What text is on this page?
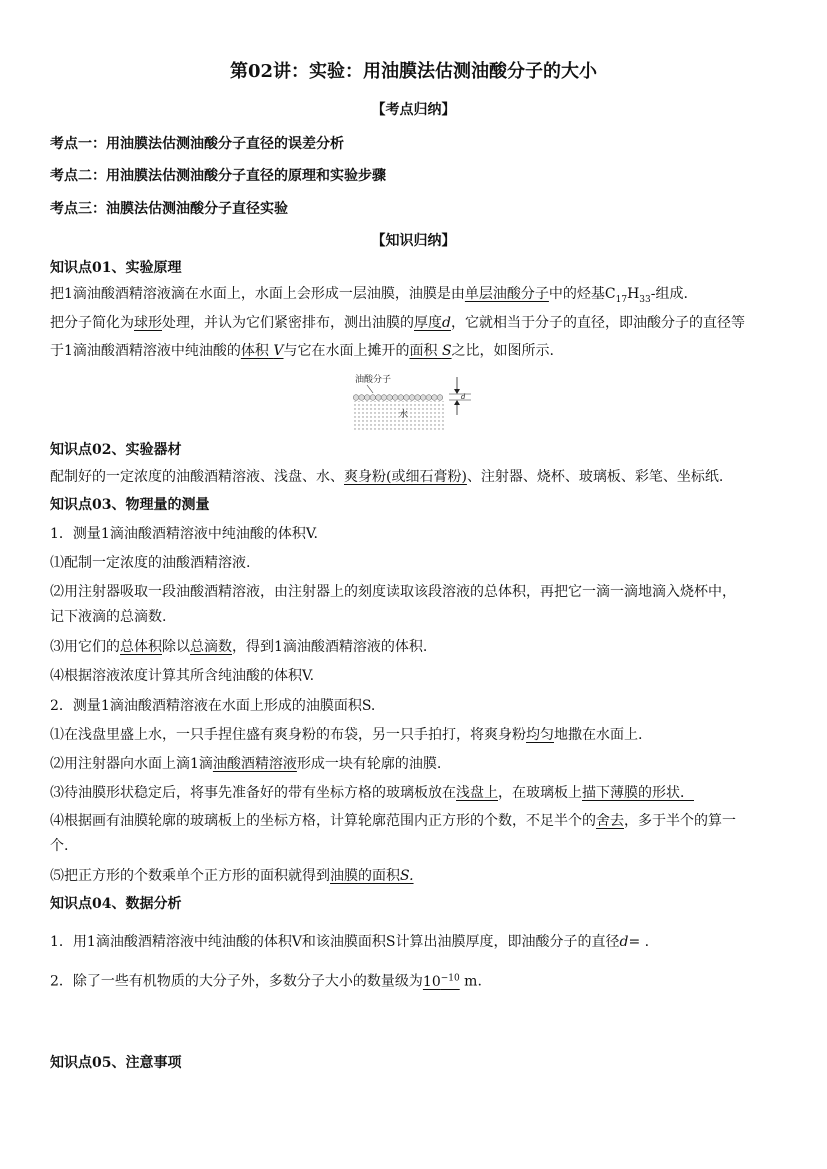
第02讲：实验：用油膜法估测油酸分子的大小
【考点归纳】
考点一：用油膜法估测油酸分子直径的误差分析
考点二：用油膜法估测油酸分子直径的原理和实验步骤
考点三：油膜法估测油酸分子直径实验
【知识归纳】
知识点01、实验原理
把1滴油酸酒精溶液滴在水面上，水面上会形成一层油膜，油膜是由单层油酸分子中的烃基$C_{17}H_{33}-$组成.
把分子简化为球形处理，并认为它们紧密排布，测出油膜的厚度d，它就相当于分子的直径，即油酸分子的直径等
于1滴油酸酒精溶液中纯油酸的体积 V与它在水面上摊开的面积 S之比，如图所示.
油酸分子
水
d
知识点02、实验器材
配制好的一定浓度的油酸酒精溶液、浅盘、水、爽身粉(或细石膏粉)、注射器、烧杯、玻璃板、彩笔、坐标纸.
知识点03、物理量的测量
1．测量1滴油酸酒精溶液中纯油酸的体积V.
⑴配制一定浓度的油酸酒精溶液.
⑵用注射器吸取一段油酸酒精溶液，由注射器上的刻度读取该段溶液的总体积，再把它一滴一滴地滴入烧杯中，
记下液滴的总滴数.
⑶用它们的总体积除以总滴数，得到1滴油酸酒精溶液的体积.
⑷根据溶液浓度计算其所含纯油酸的体积V.
2．测量1滴油酸酒精溶液在水面上形成的油膜面积S.
⑴在浅盘里盛上水，一只手捏住盛有爽身粉的布袋，另一只手拍打，将爽身粉均匀地撒在水面上.
⑵用注射器向水面上滴1滴油酸酒精溶液形成一块有轮廓的油膜.
⑶待油膜形状稳定后，将事先准备好的带有坐标方格的玻璃板放在浅盘上，在玻璃板上描下薄膜的形状．
⑷根据画有油膜轮廓的玻璃板上的坐标方格，计算轮廓范围内正方形的个数，不足半个的舍去，多于半个的算一
个.
⑸把正方形的个数乘单个正方形的面积就得到油膜的面积S.
知识点04、数据分析
1．用1滴油酸酒精溶液中纯油酸的体积V和该油膜面积S计算出油膜厚度，即油酸分子的直径d= .
2．除了一些有机物质的大分子外，多数分子大小的数量级为$10^{-10}$ m.
知识点05、注意事项
